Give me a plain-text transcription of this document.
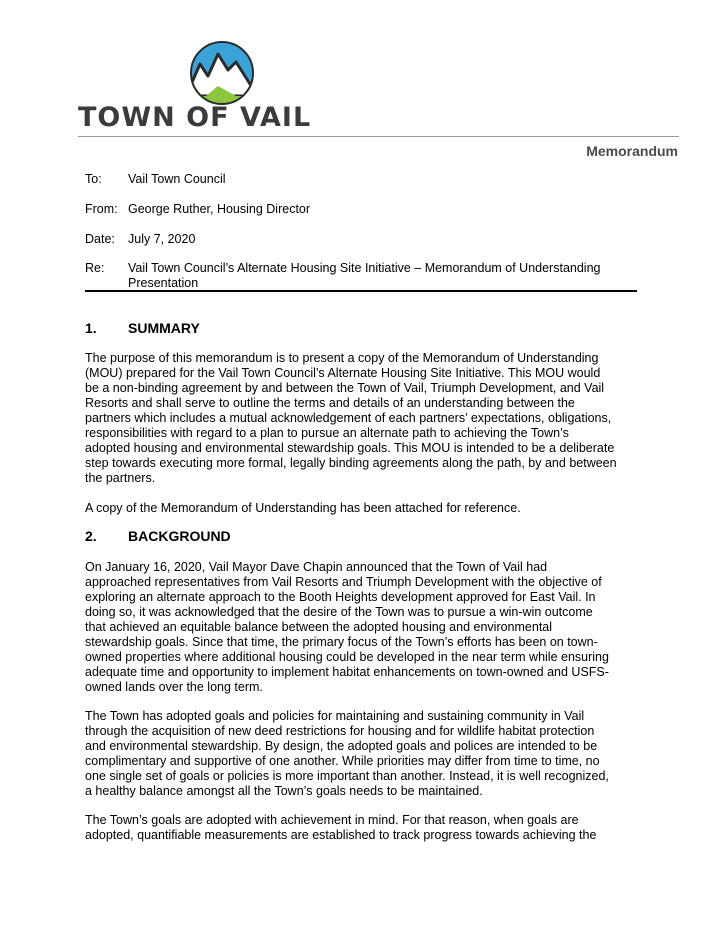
TOWN OF VAIL
Memorandum
To:	Vail Town Council
From: George Ruther, Housing Director
Date:	July 7, 2020
Re:	Vail Town Council’s Alternate Housing Site Initiative – Memorandum of Understanding
Presentation
1. SUMMARY
The purpose of this memorandum is to present a copy of the Memorandum of Understanding
(MOU) prepared for the Vail Town Council’s Alternate Housing Site Initiative. This MOU would
be a non-binding agreement by and between the Town of Vail, Triumph Development, and Vail
Resorts and shall serve to outline the terms and details of an understanding between the
partners which includes a mutual acknowledgement of each partners’ expectations, obligations,
responsibilities with regard to a plan to pursue an alternate path to achieving the Town’s
adopted housing and environmental stewardship goals. This MOU is intended to be a deliberate
step towards executing more formal, legally binding agreements along the path, by and between
the partners.
A copy of the Memorandum of Understanding has been attached for reference.
2. BACKGROUND
On January 16, 2020, Vail Mayor Dave Chapin announced that the Town of Vail had
approached representatives from Vail Resorts and Triumph Development with the objective of
exploring an alternate approach to the Booth Heights development approved for East Vail. In
doing so, it was acknowledged that the desire of the Town was to pursue a win-win outcome
that achieved an equitable balance between the adopted housing and environmental
stewardship goals. Since that time, the primary focus of the Town’s efforts has been on town-
owned properties where additional housing could be developed in the near term while ensuring
adequate time and opportunity to implement habitat enhancements on town-owned and USFS-
owned lands over the long term.
The Town has adopted goals and policies for maintaining and sustaining community in Vail
through the acquisition of new deed restrictions for housing and for wildlife habitat protection
and environmental stewardship. By design, the adopted goals and polices are intended to be
complimentary and supportive of one another. While priorities may differ from time to time, no
one single set of goals or policies is more important than another. Instead, it is well recognized,
a healthy balance amongst all the Town’s goals needs to be maintained.
The Town’s goals are adopted with achievement in mind. For that reason, when goals are
adopted, quantifiable measurements are established to track progress towards achieving the
